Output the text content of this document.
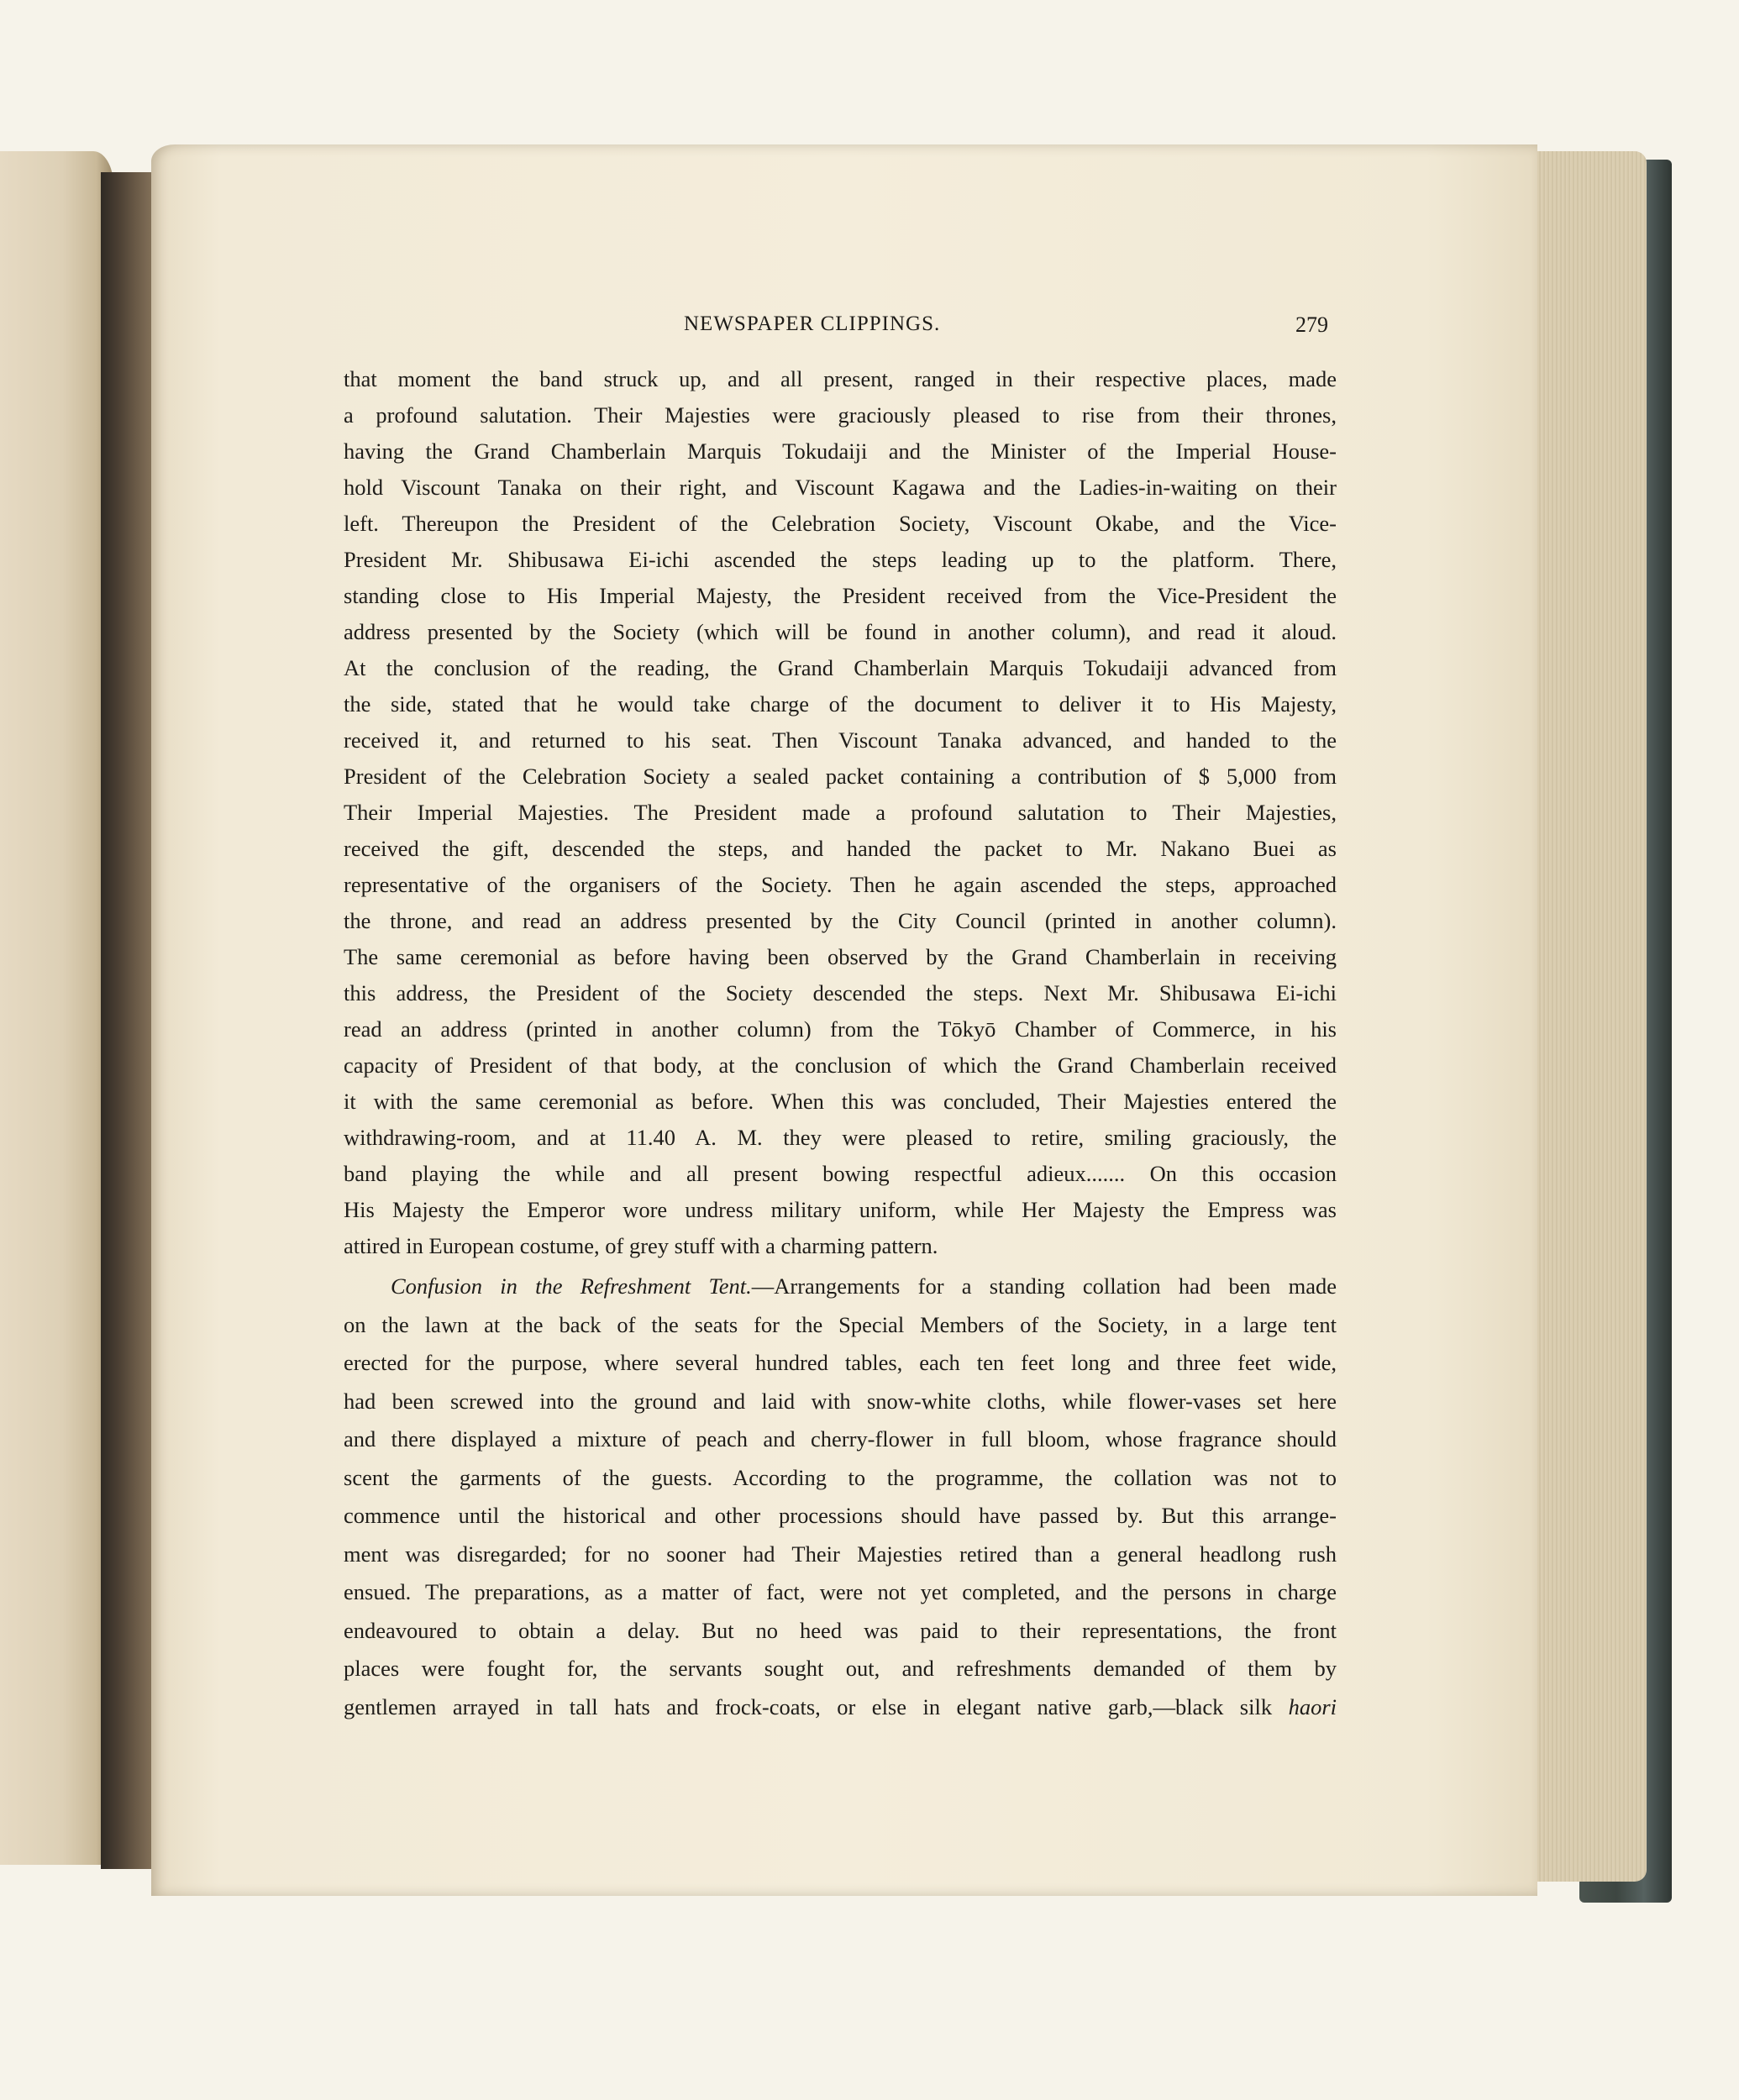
NEWSPAPER CLIPPINGS.	279
that moment the band struck up, and all present, ranged in their respective places, made
a profound salutation. Their Majesties were graciously pleased to rise from their thrones,
having the Grand Chamberlain Marquis Tokudaiji and the Minister of the Imperial House-
hold Viscount Tanaka on their right, and Viscount Kagawa and the Ladies-in-waiting on their
left. Thereupon the President of the Celebration Society, Viscount Okabe, and the Vice-
President Mr. Shibusawa Ei-ichi ascended the steps leading up to the platform. There,
standing close to His Imperial Majesty, the President received from the Vice-President the
address presented by the Society (which will be found in another column), and read it aloud.
At the conclusion of the reading, the Grand Chamberlain Marquis Tokudaiji advanced from
the side, stated that he would take charge of the document to deliver it to His Majesty,
received it, and returned to his seat. Then Viscount Tanaka advanced, and handed to the
President of the Celebration Society a sealed packet containing a contribution of $ 5,000 from
Their Imperial Majesties. The President made a profound salutation to Their Majesties,
received the gift, descended the steps, and handed the packet to Mr. Nakano Buei as
representative of the organisers of the Society. Then he again ascended the steps, approached
the throne, and read an address presented by the City Council (printed in another column).
The same ceremonial as before having been observed by the Grand Chamberlain in receiving
this address, the President of the Society descended the steps. Next Mr. Shibusawa Ei-ichi
read an address (printed in another column) from the Tōkyō Chamber of Commerce, in his
capacity of President of that body, at the conclusion of which the Grand Chamberlain received
it with the same ceremonial as before. When this was concluded, Their Majesties entered the
withdrawing-room, and at 11.40 A. M. they were pleased to retire, smiling graciously, the
band playing the while and all present bowing respectful adieux....... On this occasion
His Majesty the Emperor wore undress military uniform, while Her Majesty the Empress was
attired in European costume, of grey stuff with a charming pattern.
Confusion in the Refreshment Tent.—Arrangements for a standing collation had been made
on the lawn at the back of the seats for the Special Members of the Society, in a large tent
erected for the purpose, where several hundred tables, each ten feet long and three feet wide,
had been screwed into the ground and laid with snow-white cloths, while flower-vases set here
and there displayed a mixture of peach and cherry-flower in full bloom, whose fragrance should
scent the garments of the guests. According to the programme, the collation was not to
commence until the historical and other processions should have passed by. But this arrange-
ment was disregarded; for no sooner had Their Majesties retired than a general headlong rush
ensued. The preparations, as a matter of fact, were not yet completed, and the persons in charge
endeavoured to obtain a delay. But no heed was paid to their representations, the front
places were fought for, the servants sought out, and refreshments demanded of them by
gentlemen arrayed in tall hats and frock-coats, or else in elegant native garb,—black silk haori
